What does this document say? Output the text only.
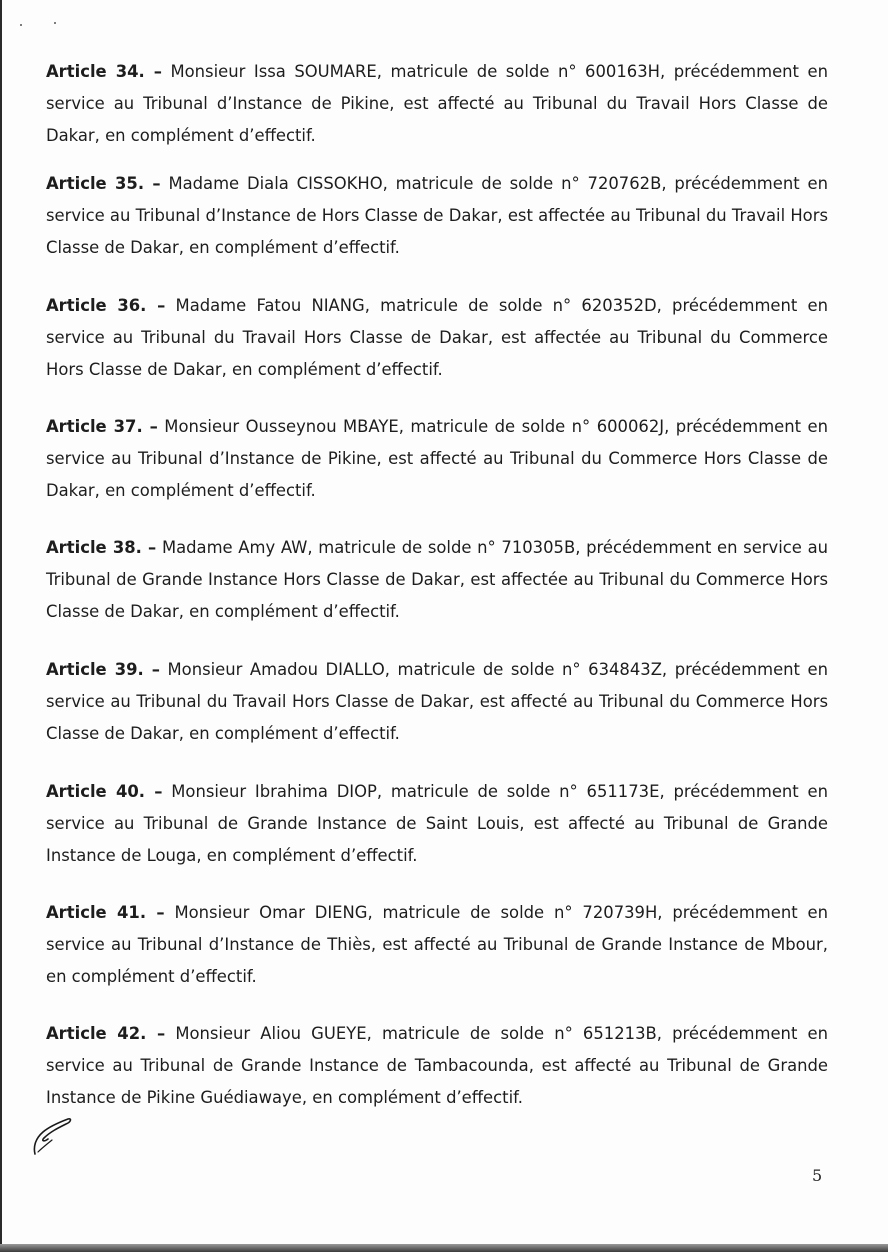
Article 34. – Monsieur Issa SOUMARE, matricule de solde n° 600163H, précédemment en service au Tribunal d’Instance de Pikine, est affecté au Tribunal du Travail Hors Classe de Dakar, en complément d’effectif.

Article 35. – Madame Diala CISSOKHO, matricule de solde n° 720762B, précédemment en service au Tribunal d’Instance de Hors Classe de Dakar, est affectée au Tribunal du Travail Hors Classe de Dakar, en complément d’effectif.

Article 36. – Madame Fatou NIANG, matricule de solde n° 620352D, précédemment en service au Tribunal du Travail Hors Classe de Dakar, est affectée au Tribunal du Commerce Hors Classe de Dakar, en complément d’effectif.

Article 37. – Monsieur Ousseynou MBAYE, matricule de solde n° 600062J, précédemment en service au Tribunal d’Instance de Pikine, est affecté au Tribunal du Commerce Hors Classe de Dakar, en complément d’effectif.

Article 38. – Madame Amy AW, matricule de solde n° 710305B, précédemment en service au Tribunal de Grande Instance Hors Classe de Dakar, est affectée au Tribunal du Commerce Hors Classe de Dakar, en complément d’effectif.

Article 39. – Monsieur Amadou DIALLO, matricule de solde n° 634843Z, précédemment en service au Tribunal du Travail Hors Classe de Dakar, est affecté au Tribunal du Commerce Hors Classe de Dakar, en complément d’effectif.

Article 40. – Monsieur Ibrahima DIOP, matricule de solde n° 651173E, précédemment en service au Tribunal de Grande Instance de Saint Louis, est affecté au Tribunal de Grande Instance de Louga, en complément d’effectif.

Article 41. – Monsieur Omar DIENG, matricule de solde n° 720739H, précédemment en service au Tribunal d’Instance de Thiès, est affecté au Tribunal de Grande Instance de Mbour, en complément d’effectif.

Article 42. – Monsieur Aliou GUEYE, matricule de solde n° 651213B, précédemment en service au Tribunal de Grande Instance de Tambacounda, est affecté au Tribunal de Grande Instance de Pikine Guédiawaye, en complément d’effectif.

5
